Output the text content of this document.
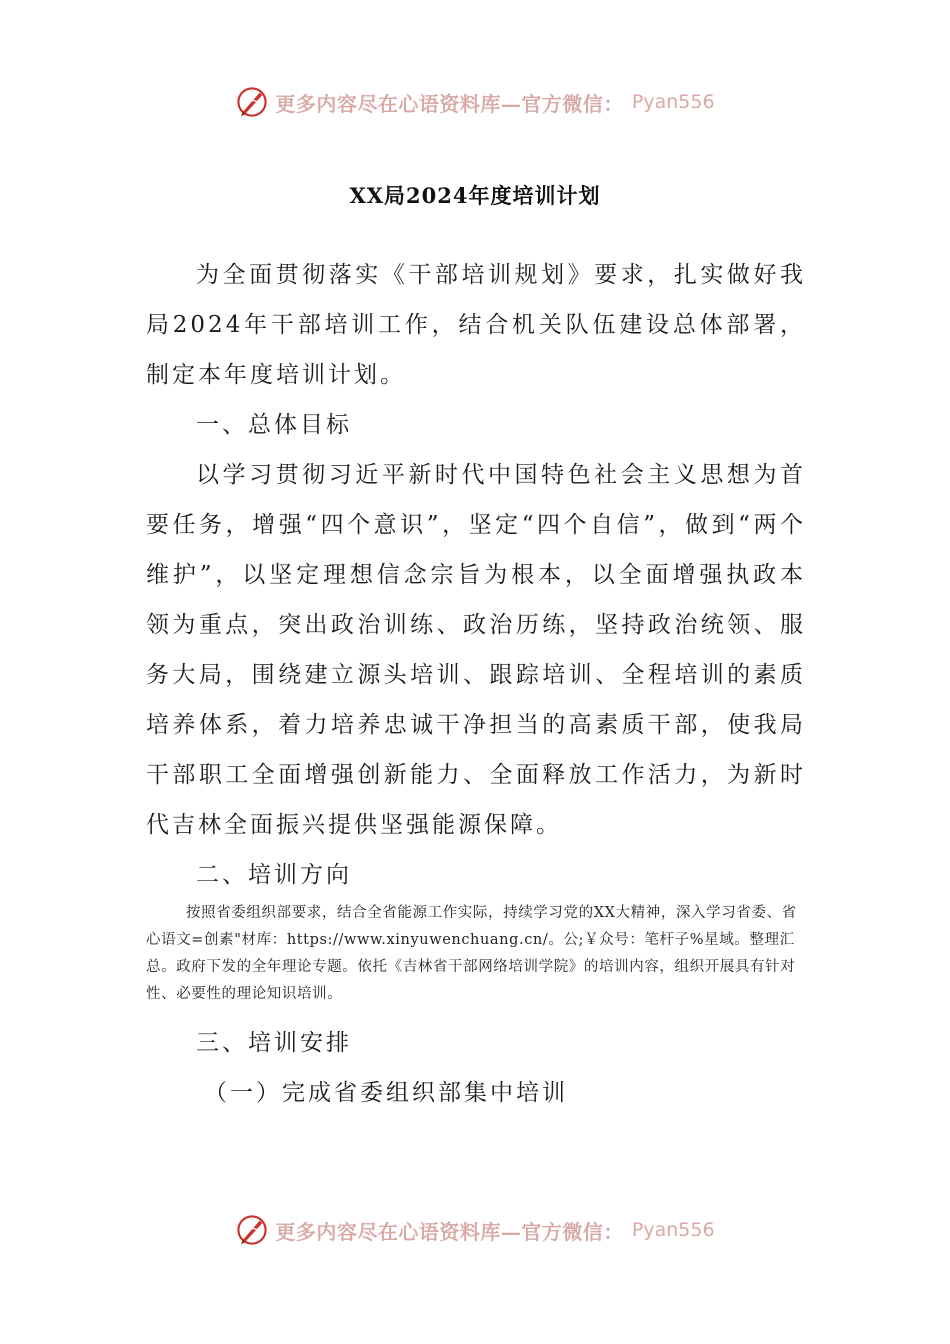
更多内容尽在心语资料库—官方微信： Pyan556
XX局2024年度培训计划

为全面贯彻落实《干部培训规划》要求，扎实做好我局2024年干部培训工作，结合机关队伍建设总体部署，制定本年度培训计划。

一、总体目标

以学习贯彻习近平新时代中国特色社会主义思想为首要任务，增强“四个意识”，坚定“四个自信”，做到“两个维护”，以坚定理想信念宗旨为根本，以全面增强执政本领为重点，突出政治训练、政治历练，坚持政治统领、服务大局，围绕建立源头培训、跟踪培训、全程培训的素质培养体系，着力培养忠诚干净担当的高素质干部，使我局干部职工全面增强创新能力、全面释放工作活力，为新时代吉林全面振兴提供坚强能源保障。

二、培训方向

按照省委组织部要求，结合全省能源工作实际，持续学习党的XX大精神，深入学习省委、省心语文=创素"材库：https://www.xinyuwenchuang.cn/。公;￥众号：笔杆子%星域。整理汇总。政府下发的全年理论专题。依托《吉林省干部网络培训学院》的培训内容，组织开展具有针对性、必要性的理论知识培训。

三、培训安排

（一）完成省委组织部集中培训

更多内容尽在心语资料库—官方微信： Pyan556
